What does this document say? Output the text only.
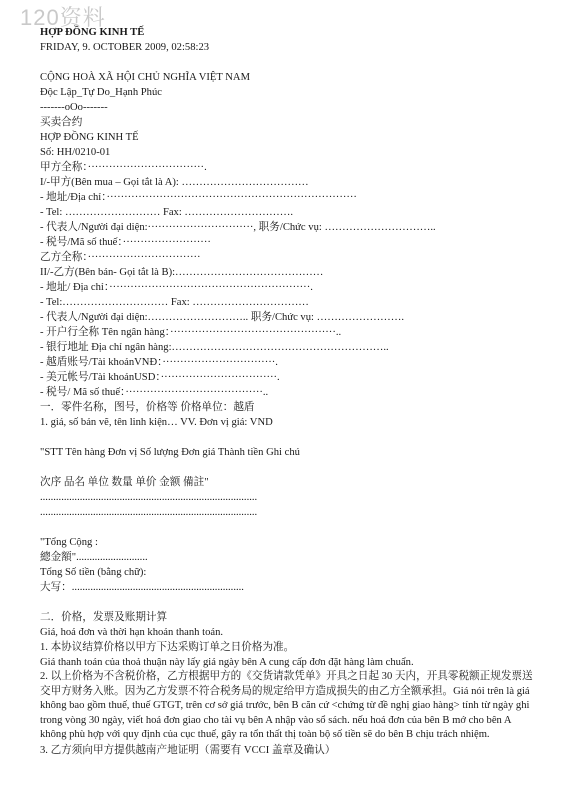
120资料
HỢP ĐỒNG KINH TẾ
FRIDAY, 9. OCTOBER 2009, 02:58:23
CỘNG HOÀ XÃ HỘI CHỦ NGHĨA VIỆT NAM
Độc Lập_Tự Do_Hạnh Phúc
-------oOo-------
买卖合约
HỢP ĐỒNG KINH TẾ
Số: HH/0210-01
甲方全称：·································.
I/-甲方(Bên mua – Gọi tắt là A): ………………………………
- 地址/Địa chỉ：·······································································
- Tel: ……………………… Fax: ………………………….
- 代表人/Người đại diện:······························, 职务/Chức vụ: …………………………..
- 税号/Mã số thuế：·························
乙方全称：································
II/-乙方(Bên bán- Gọi tắt là B):……………………………………
- 地址/ Địa chỉ：·························································.
- Tel:………………………… Fax: ……………………………
- 代表人/Người đại diện:……………………….. 职务/Chức vụ: …………………….
- 开户行全称 Tên ngân hàng：···············································..
- 银行地址 Địa chỉ ngân hàng:……………………………………………………..
- 越盾账号/Tài khoảnVNĐ：································.
- 美元帐号/Tài khoảnUSD：·································.
- 税号/ Mã số thuế：·······································..
一．零件名称，图号，价格等 价格单位：越盾
1. giá, số bản vẽ, tên linh kiện… VV. Đơn vị giá: VND
"STT Tên hàng Đơn vị Số lượng Đơn giá Thành tiền Ghi chú
次序 品名 单位 数量 单价 金额 備註"
..................................................................................
..................................................................................
"Tổng Cộng :
總金額"...........................
Tổng Số tiền (bằng chữ):
大写：.................................................................
二．价格，发票及账期计算
Giá, hoá đơn và thời hạn khoản thanh toán.
1. 本协议结算价格以甲方下达采购订单之日价格为准。
Giá thanh toán của thoả thuận này lấy giá ngày bên A cung cấp đơn đặt hàng làm chuẩn.
2. 以上价格为不含税价格，乙方根据甲方的《交货请款凭单》开具之日起 30 天内，开具零税额正规发票送交甲方财务入账。因为乙方发票不符合税务局的规定给甲方造成损失的由乙方全额承担。Giá nói trên là giá không bao gồm thuế, thuế GTGT, trên cơ sở giá trước, bên B căn cứ <chứng từ đề nghị giao hàng> tính từ ngày ghi trong vòng 30 ngày, viết hoá đơn giao cho tài vụ bên A nhập vào sổ sách. nếu hoá đơn của bên B mớ cho bên A không phù hợp với quy định của cục thuế, gây ra tổn thất thị toàn bộ số tiền sẽ do bên B chịu trách nhiệm.
3. 乙方须向甲方提供越南产地证明（需要有 VCCI 盖章及确认）
